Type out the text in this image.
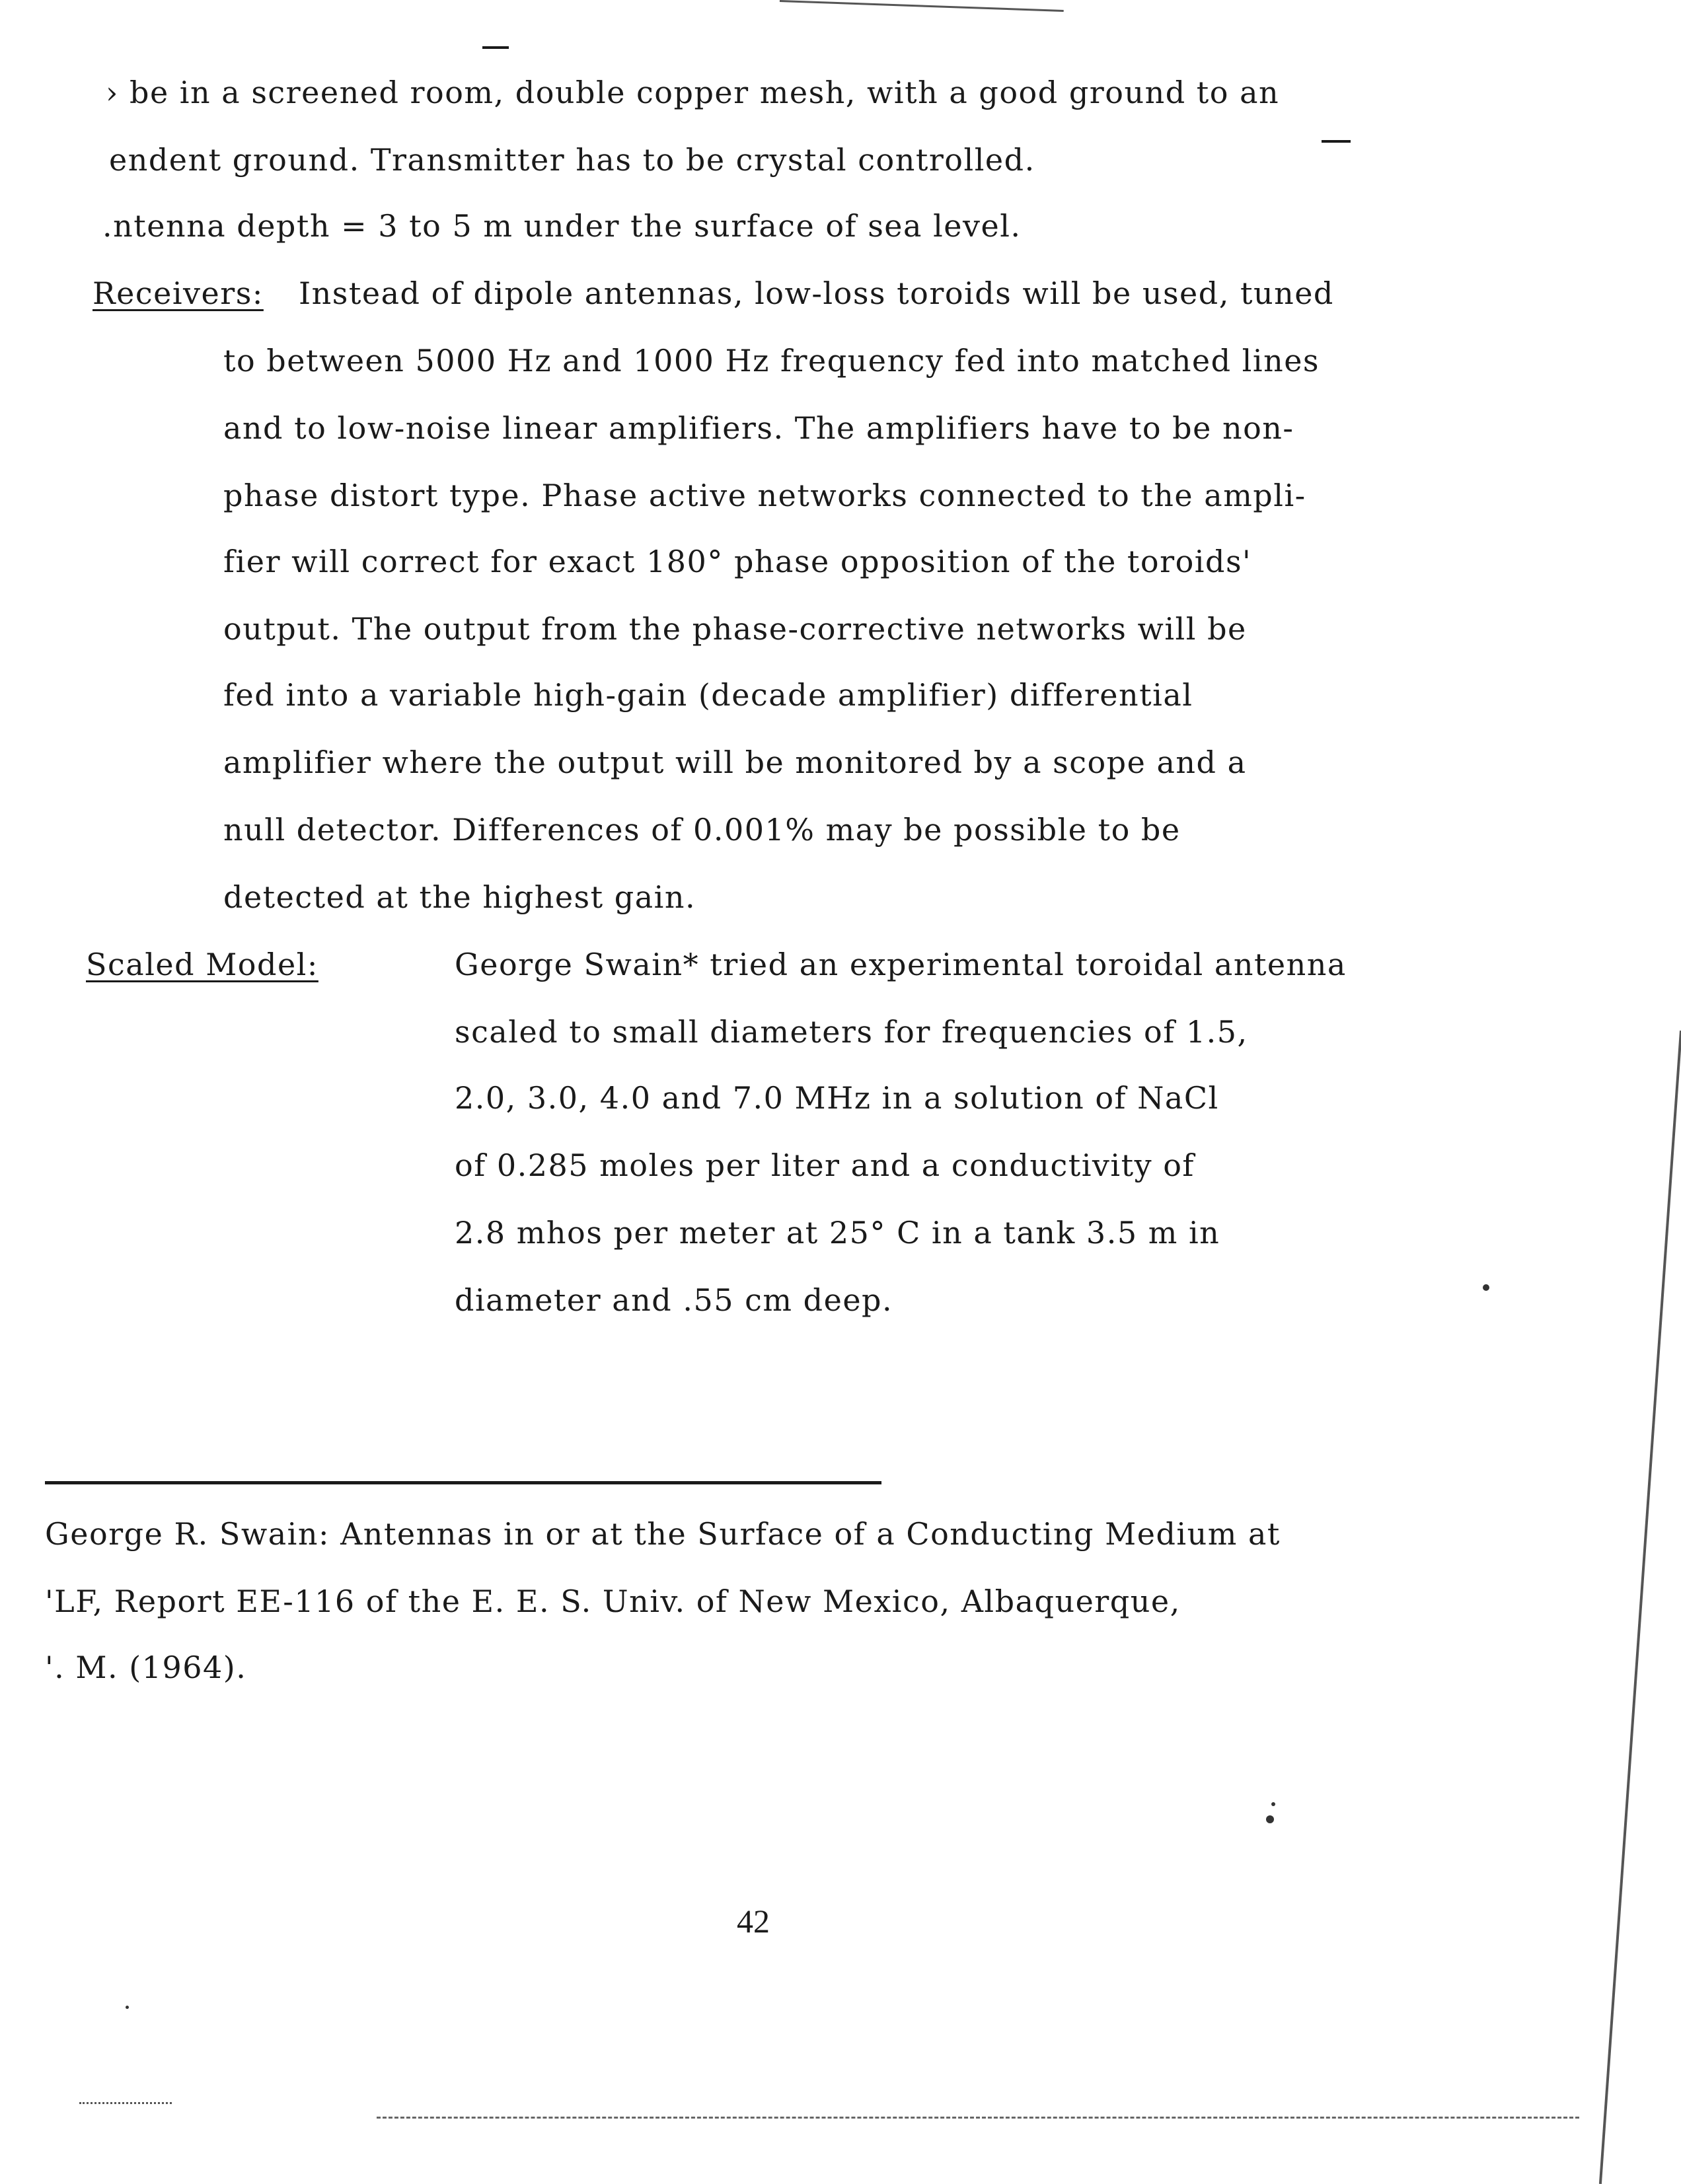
› be in a screened room, double copper mesh, with a good ground to an
endent ground. Transmitter has to be crystal controlled.
.ntenna depth = 3 to 5 m under the surface of sea level.
Receivers: Instead of dipole antennas, low-loss toroids will be used, tuned
to between 5000 Hz and 1000 Hz frequency fed into matched lines
and to low-noise linear amplifiers. The amplifiers have to be non-
phase distort type. Phase active networks connected to the ampli-
fier will correct for exact 180° phase opposition of the toroids'
output. The output from the phase-corrective networks will be
fed into a variable high-gain (decade amplifier) differential
amplifier where the output will be monitored by a scope and a
null detector. Differences of 0.001% may be possible to be
detected at the highest gain.
Scaled Model:	George Swain* tried an experimental toroidal antenna
scaled to small diameters for frequencies of 1.5,
2.0, 3.0, 4.0 and 7.0 MHz in a solution of NaCl
of 0.285 moles per liter and a conductivity of
2.8 mhos per meter at 25° C in a tank 3.5 m in
diameter and .55 cm deep.
George R. Swain: Antennas in or at the Surface of a Conducting Medium at
'LF, Report EE-116 of the E. E. S. Univ. of New Mexico, Albaquerque,
'. M. (1964).
42
